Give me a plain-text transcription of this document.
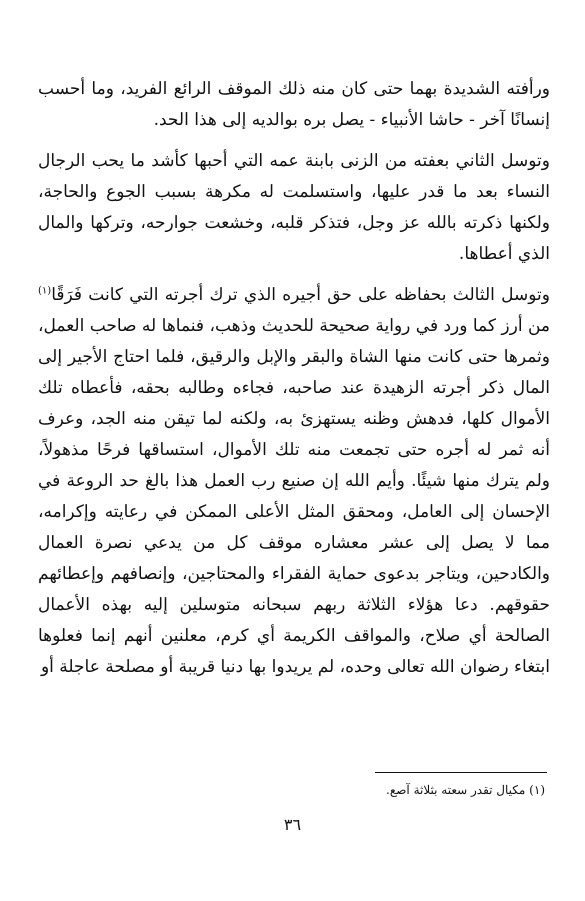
ورأفته الشديدة بهما حتى كان منه ذلك الموقف الرائع الفريد، وما أحسب إنسانًا آخر - حاشا الأنبياء - يصل بره بوالديه إلى هذا الحد.

وتوسل الثاني بعفته من الزنى بابنة عمه التي أحبها كأشد ما يحب الرجال النساء بعد ما قدر عليها، واستسلمت له مكرهة بسبب الجوع والحاجة، ولكنها ذكرته بالله عز وجل، فتذكر قلبه، وخشعت جوارحه، وتركها والمال الذي أعطاها.

وتوسل الثالث بحفاظه على حق أجيره الذي ترك أجرته التي كانت فَرَقًا$^{(١)}$ من أرز كما ورد في رواية صحيحة للحديث وذهب، فنماها له صاحب العمل، وثمرها حتى كانت منها الشاة والبقر والإبل والرقيق، فلما احتاج الأجير إلى المال ذكر أجرته الزهيدة عند صاحبه، فجاءه وطالبه بحقه، فأعطاه تلك الأموال كلها، فدهش وظنه يستهزئ به، ولكنه لما تيقن منه الجد، وعرف أنه ثمر له أجره حتى تجمعت منه تلك الأموال، استساقها فرحًا مذهولاً، ولم يترك منها شيئًا. وأيم الله إن صنيع رب العمل هذا بالغ حد الروعة في الإحسان إلى العامل، ومحقق المثل الأعلى الممكن في رعايته وإكرامه، مما لا يصل إلى عشر معشاره موقف كل من يدعي نصرة العمال والكادحين، ويتاجر بدعوى حماية الفقراء والمحتاجين، وإنصافهم وإعطائهم حقوقهم. دعا هؤلاء الثلاثة ربهم سبحانه متوسلين إليه بهذه الأعمال الصالحة أي صلاح، والمواقف الكريمة أي كرم، معلنين أنهم إنما فعلوها ابتغاء رضوان الله تعالى وحده، لم يريدوا بها دنيا قريبة أو مصلحة عاجلة أو

(١) مكيال تقدر سعته بثلاثة آصع.
٣٦
